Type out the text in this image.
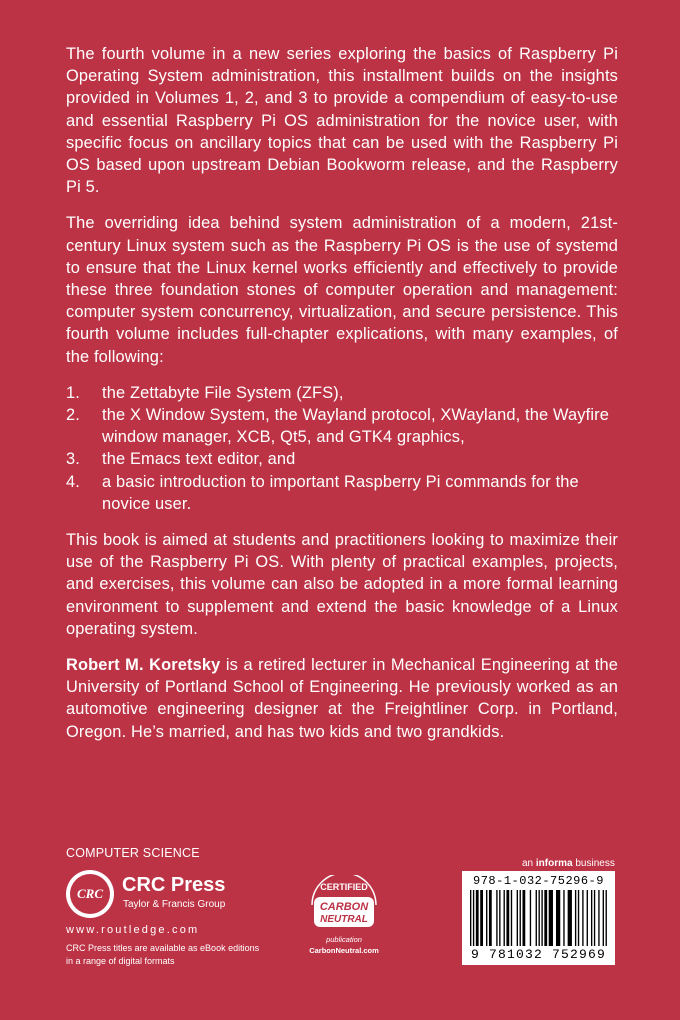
The fourth volume in a new series exploring the basics of Raspberry Pi Operating System administration, this installment builds on the insights provided in Volumes 1, 2, and 3 to provide a compendium of easy-to-use and essential Raspberry Pi OS administration for the novice user, with specific focus on ancillary topics that can be used with the Raspberry Pi OS based upon upstream Debian Bookworm release, and the Raspberry Pi 5.

The overriding idea behind system administration of a modern, 21st-century Linux system such as the Raspberry Pi OS is the use of systemd to ensure that the Linux kernel works efficiently and effectively to provide these three foundation stones of computer operation and management: computer system concurrency, virtualization, and secure persistence. This fourth volume includes full-chapter explications, with many examples, of the following:

1.	the Zettabyte File System (ZFS),
2.	the X Window System, the Wayland protocol, XWayland, the Wayfire window manager, XCB, Qt5, and GTK4 graphics,
3.	the Emacs text editor, and
4.	a basic introduction to important Raspberry Pi commands for the novice user.

This book is aimed at students and practitioners looking to maximize their use of the Raspberry Pi OS. With plenty of practical examples, projects, and exercises, this volume can also be adopted in a more formal learning environment to supplement and extend the basic knowledge of a Linux operating system.

Robert M. Koretsky is a retired lecturer in Mechanical Engineering at the University of Portland School of Engineering. He previously worked as an automotive engineering designer at the Freightliner Corp. in Portland, Oregon. He’s married, and has two kids and two grandkids.

COMPUTER SCIENCE
CRC CRC Press
Taylor & Francis Group
www.routledge.com
CRC Press titles are available as eBook editions in a range of digital formats
CERTIFIED
CARBON
NEUTRAL
publication
CarbonNeutral.com
an informa business
978-1-032-75296-9
9 781032 752969
